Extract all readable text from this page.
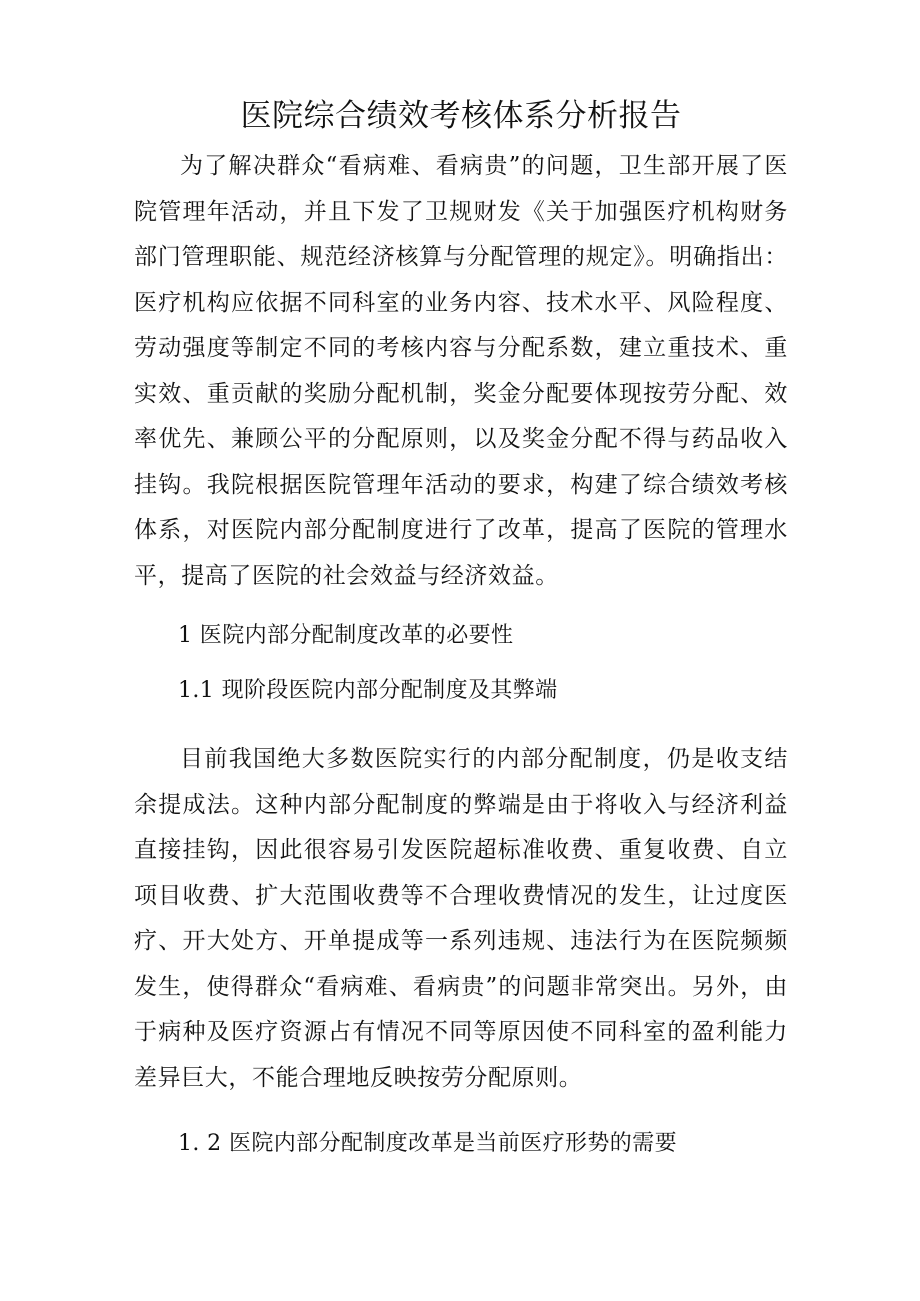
医院综合绩效考核体系分析报告

为了解决群众“看病难、看病贵”的问题，卫生部开展了医院管理年活动，并且下发了卫规财发《关于加强医疗机构财务部门管理职能、规范经济核算与分配管理的规定》。明确指出：医疗机构应依据不同科室的业务内容、技术水平、风险程度、劳动强度等制定不同的考核内容与分配系数，建立重技术、重实效、重贡献的奖励分配机制，奖金分配要体现按劳分配、效率优先、兼顾公平的分配原则，以及奖金分配不得与药品收入挂钩。我院根据医院管理年活动的要求，构建了综合绩效考核体系，对医院内部分配制度进行了改革，提高了医院的管理水平，提高了医院的社会效益与经济效益。

1 医院内部分配制度改革的必要性

1.1 现阶段医院内部分配制度及其弊端

目前我国绝大多数医院实行的内部分配制度，仍是收支结余提成法。这种内部分配制度的弊端是由于将收入与经济利益直接挂钩，因此很容易引发医院超标准收费、重复收费、自立项目收费、扩大范围收费等不合理收费情况的发生，让过度医疗、开大处方、开单提成等一系列违规、违法行为在医院频频发生，使得群众“看病难、看病贵”的问题非常突出。另外，由于病种及医疗资源占有情况不同等原因使不同科室的盈利能力差异巨大，不能合理地反映按劳分配原则。

1. 2 医院内部分配制度改革是当前医疗形势的需要
